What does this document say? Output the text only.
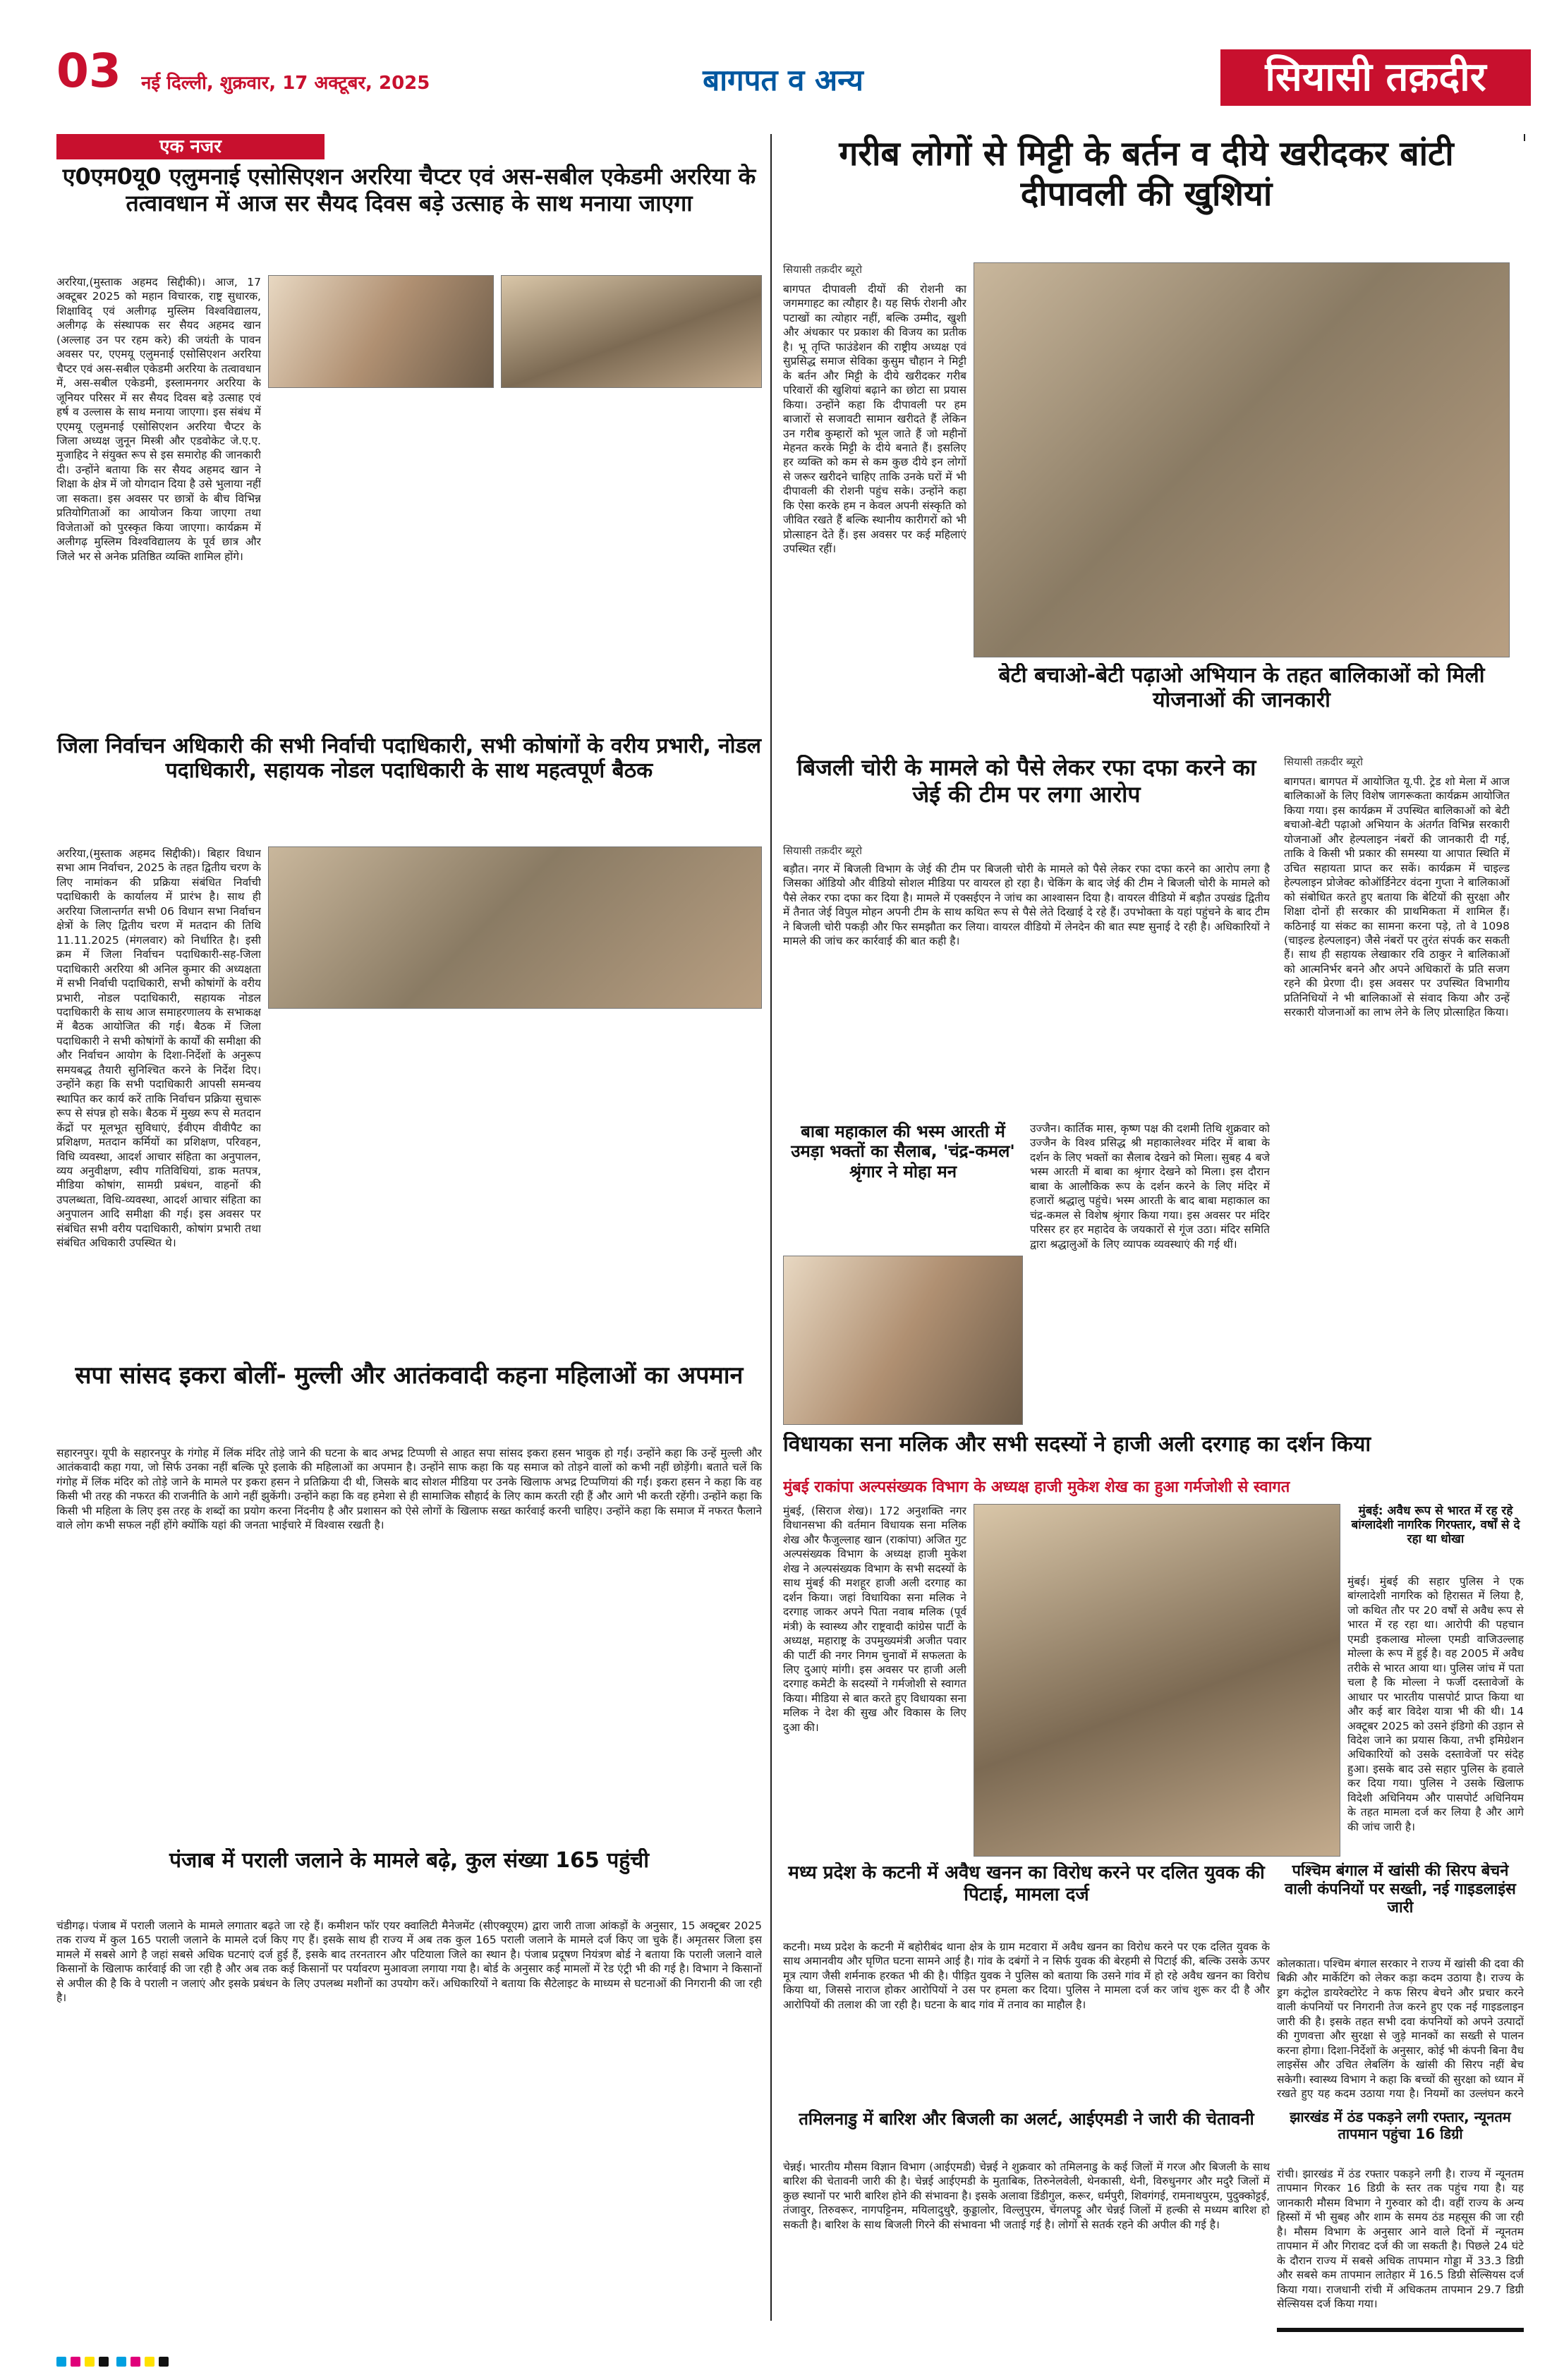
03	नई दिल्ली, शुक्रवार, 17 अक्टूबर, 2025	बागपत व अन्य	सियासी तक़दीर
एक नजर
ए0एम0यू0 एलुमनाई एसोसिएशन अररिया चैप्टर एवं अस-सबील एकेडमी अररिया के तत्वावधान में आज सर सैयद दिवस बड़े उत्साह के साथ मनाया जाएगा
अररिया,(मुस्ताक अहमद सिद्दीकी)। आज, 17 अक्टूबर 2025 को महान विचारक, राष्ट्र सुधारक, शिक्षाविद् एवं अलीगढ़ मुस्लिम विश्वविद्यालय, अलीगढ़ के संस्थापक सर सैयद अहमद खान (अल्लाह उन पर रहम करे) की जयंती के पावन अवसर पर, एएमयू एलुमनाई एसोसिएशन अररिया चैप्टर एवं अस-सबील एकेडमी अररिया के तत्वावधान में, अस-सबील एकेडमी, इस्लामनगर अररिया के जूनियर परिसर में सर सैयद दिवस बड़े उत्साह एवं हर्ष व उल्लास के साथ मनाया जाएगा। इस संबंध में एएमयू एलुमनाई एसोसिएशन अररिया चैप्टर के जिला अध्यक्ष जुनून मिस्त्री और एडवोकेट जे.ए.ए. मुजाहिद ने संयुक्त रूप से इस समारोह की जानकारी दी। उन्होंने बताया कि सर सैयद अहमद खान ने शिक्षा के क्षेत्र में जो योगदान दिया है उसे भुलाया नहीं जा सकता। इस अवसर पर छात्रों के बीच विभिन्न प्रतियोगिताओं का आयोजन किया जाएगा तथा विजेताओं को पुरस्कृत किया जाएगा। कार्यक्रम में अलीगढ़ मुस्लिम विश्वविद्यालय के पूर्व छात्र और जिले भर से अनेक प्रतिष्ठित व्यक्ति शामिल होंगे।
जिला निर्वाचन अधिकारी की सभी निर्वाची पदाधिकारी, सभी कोषांगों के वरीय प्रभारी, नोडल पदाधिकारी, सहायक नोडल पदाधिकारी के साथ महत्वपूर्ण बैठक
अररिया,(मुस्ताक अहमद सिद्दीकी)। बिहार विधान सभा आम निर्वाचन, 2025 के तहत द्वितीय चरण के लिए नामांकन की प्रक्रिया संबंधित निर्वाची पदाधिकारी के कार्यालय में प्रारंभ है। साथ ही अररिया जिलान्तर्गत सभी 06 विधान सभा निर्वाचन क्षेत्रों के लिए द्वितीय चरण में मतदान की तिथि 11.11.2025 (मंगलवार) को निर्धारित है। इसी क्रम में जिला निर्वाचन पदाधिकारी-सह-जिला पदाधिकारी अररिया श्री अनिल कुमार की अध्यक्षता में सभी निर्वाची पदाधिकारी, सभी कोषांगों के वरीय प्रभारी, नोडल पदाधिकारी, सहायक नोडल पदाधिकारी के साथ आज समाहरणालय के सभाकक्ष में बैठक आयोजित की गई। बैठक में जिला पदाधिकारी ने सभी कोषांगों के कार्यों की समीक्षा की और निर्वाचन आयोग के दिशा-निर्देशों के अनुरूप समयबद्ध तैयारी सुनिश्चित करने के निर्देश दिए। उन्होंने कहा कि सभी पदाधिकारी आपसी समन्वय स्थापित कर कार्य करें ताकि निर्वाचन प्रक्रिया सुचारू रूप से संपन्न हो सके। बैठक में मुख्य रूप से मतदान केंद्रों पर मूलभूत सुविधाएं, ईवीएम वीवीपैट का प्रशिक्षण, मतदान कर्मियों का प्रशिक्षण, परिवहन, विधि व्यवस्था, आदर्श आचार संहिता का अनुपालन, व्यय अनुवीक्षण, स्वीप गतिविधियां, डाक मतपत्र, मीडिया कोषांग, सामग्री प्रबंधन, वाहनों की उपलब्धता, विधि-व्यवस्था, आदर्श आचार संहिता का अनुपालन आदि समीक्षा की गई। इस अवसर पर संबंधित सभी वरीय पदाधिकारी, कोषांग प्रभारी तथा संबंधित अधिकारी उपस्थित थे।
सपा सांसद इकरा बोलीं- मुल्ली और आतंकवादी कहना महिलाओं का अपमान
सहारनपुर। यूपी के सहारनपुर के गंगोह में लिंक मंदिर तोड़े जाने की घटना के बाद अभद्र टिप्पणी से आहत सपा सांसद इकरा हसन भावुक हो गईं। उन्होंने कहा कि उन्हें मुल्ली और आतंकवादी कहा गया, जो सिर्फ उनका नहीं बल्कि पूरे इलाके की महिलाओं का अपमान है। उन्होंने साफ कहा कि यह समाज को तोड़ने वालों को कभी नहीं छोड़ेंगी। बताते चलें कि गंगोह में लिंक मंदिर को तोड़े जाने के मामले पर इकरा हसन ने प्रतिक्रिया दी थी, जिसके बाद सोशल मीडिया पर उनके खिलाफ अभद्र टिप्पणियां की गईं। इकरा हसन ने कहा कि वह किसी भी तरह की नफरत की राजनीति के आगे नहीं झुकेंगी। उन्होंने कहा कि वह हमेशा से ही सामाजिक सौहार्द के लिए काम करती रही हैं और आगे भी करती रहेंगी। उन्होंने कहा कि किसी भी महिला के लिए इस तरह के शब्दों का प्रयोग करना निंदनीय है और प्रशासन को ऐसे लोगों के खिलाफ सख्त कार्रवाई करनी चाहिए। उन्होंने कहा कि समाज में नफरत फैलाने वाले लोग कभी सफल नहीं होंगे क्योंकि यहां की जनता भाईचारे में विश्वास रखती है।
पंजाब में पराली जलाने के मामले बढ़े, कुल संख्या 165 पहुंची
चंडीगढ़। पंजाब में पराली जलाने के मामले लगातार बढ़ते जा रहे हैं। कमीशन फॉर एयर क्वालिटी मैनेजमेंट (सीएक्यूएम) द्वारा जारी ताजा आंकड़ों के अनुसार, 15 अक्टूबर 2025 तक राज्य में कुल 165 पराली जलाने के मामले दर्ज किए गए हैं। इसके साथ ही राज्य में अब तक कुल 165 पराली जलाने के मामले दर्ज किए जा चुके हैं। अमृतसर जिला इस मामले में सबसे आगे है जहां सबसे अधिक घटनाएं दर्ज हुई हैं, इसके बाद तरनतारन और पटियाला जिले का स्थान है। पंजाब प्रदूषण नियंत्रण बोर्ड ने बताया कि पराली जलाने वाले किसानों के खिलाफ कार्रवाई की जा रही है और अब तक कई किसानों पर पर्यावरण मुआवजा लगाया गया है। बोर्ड के अनुसार कई मामलों में रेड एंट्री भी की गई है। विभाग ने किसानों से अपील की है कि वे पराली न जलाएं और इसके प्रबंधन के लिए उपलब्ध मशीनों का उपयोग करें। अधिकारियों ने बताया कि सैटेलाइट के माध्यम से घटनाओं की निगरानी की जा रही है।
गरीब लोगों से मिट्टी के बर्तन व दीये खरीदकर बांटी दीपावली की खुशियां
सियासी तक़दीर ब्यूरो
बागपत दीपावली दीयों की रोशनी का जगमगाहट का त्यौहार है। यह सिर्फ रोशनी और पटाखों का त्योहार नहीं, बल्कि उम्मीद, खुशी और अंधकार पर प्रकाश की विजय का प्रतीक है। भू तृप्ति फाउंडेशन की राष्ट्रीय अध्यक्ष एवं सुप्रसिद्ध समाज सेविका कुसुम चौहान ने मिट्टी के बर्तन और मिट्टी के दीये खरीदकर गरीब परिवारों की खुशियां बढ़ाने का छोटा सा प्रयास किया। उन्होंने कहा कि दीपावली पर हम बाजारों से सजावटी सामान खरीदते हैं लेकिन उन गरीब कुम्हारों को भूल जाते हैं जो महीनों मेहनत करके मिट्टी के दीये बनाते हैं। इसलिए हर व्यक्ति को कम से कम कुछ दीये इन लोगों से जरूर खरीदने चाहिए ताकि उनके घरों में भी दीपावली की रोशनी पहुंच सके। उन्होंने कहा कि ऐसा करके हम न केवल अपनी संस्कृति को जीवित रखते हैं बल्कि स्थानीय कारीगरों को भी प्रोत्साहन देते हैं। इस अवसर पर कई महिलाएं उपस्थित रहीं।
बेटी बचाओ-बेटी पढ़ाओ अभियान के तहत बालिकाओं को मिली योजनाओं की जानकारी
बिजली चोरी के मामले को पैसे लेकर रफा दफा करने का जेई की टीम पर लगा आरोप
सियासी तक़दीर ब्यूरो
बड़ौत। नगर में बिजली विभाग के जेई की टीम पर बिजली चोरी के मामले को पैसे लेकर रफा दफा करने का आरोप लगा है जिसका ऑडियो और वीडियो सोशल मीडिया पर वायरल हो रहा है। चेकिंग के बाद जेई की टीम ने बिजली चोरी के मामले को पैसे लेकर रफा दफा कर दिया है। मामले में एक्सईएन ने जांच का आश्वासन दिया है। वायरल वीडियो में बड़ौत उपखंड द्वितीय में तैनात जेई विपुल मोहन अपनी टीम के साथ कथित रूप से पैसे लेते दिखाई दे रहे हैं। उपभोक्ता के यहां पहुंचने के बाद टीम ने बिजली चोरी पकड़ी और फिर समझौता कर लिया। वायरल वीडियो में लेनदेन की बात स्पष्ट सुनाई दे रही है। अधिकारियों ने मामले की जांच कर कार्रवाई की बात कही है।
बाबा महाकाल की भस्म आरती में उमड़ा भक्तों का सैलाब, 'चंद्र-कमल' श्रृंगार ने मोहा मन
उज्जैन। कार्तिक मास, कृष्ण पक्ष की दशमी तिथि शुक्रवार को उज्जैन के विश्व प्रसिद्ध श्री महाकालेश्वर मंदिर में बाबा के दर्शन के लिए भक्तों का सैलाब देखने को मिला। सुबह 4 बजे भस्म आरती में बाबा का श्रृंगार देखने को मिला। इस दौरान बाबा के आलौकिक रूप के दर्शन करने के लिए मंदिर में हजारों श्रद्धालु पहुंचे। भस्म आरती के बाद बाबा महाकाल का चंद्र-कमल से विशेष श्रृंगार किया गया। इस अवसर पर मंदिर परिसर हर हर महादेव के जयकारों से गूंज उठा। मंदिर समिति द्वारा श्रद्धालुओं के लिए व्यापक व्यवस्थाएं की गई थीं।
सियासी तक़दीर ब्यूरो
बागपत। बागपत में आयोजित यू.पी. ट्रेड शो मेला में आज बालिकाओं के लिए विशेष जागरूकता कार्यक्रम आयोजित किया गया। इस कार्यक्रम में उपस्थित बालिकाओं को बेटी बचाओ-बेटी पढ़ाओ अभियान के अंतर्गत विभिन्न सरकारी योजनाओं और हेल्पलाइन नंबरों की जानकारी दी गई, ताकि वे किसी भी प्रकार की समस्या या आपात स्थिति में उचित सहायता प्राप्त कर सकें। कार्यक्रम में चाइल्ड हेल्पलाइन प्रोजेक्ट कोऑर्डिनेटर वंदना गुप्ता ने बालिकाओं को संबोधित करते हुए बताया कि बेटियों की सुरक्षा और शिक्षा दोनों ही सरकार की प्राथमिकता में शामिल हैं। कठिनाई या संकट का सामना करना पड़े, तो वे 1098 (चाइल्ड हेल्पलाइन) जैसे नंबरों पर तुरंत संपर्क कर सकती हैं। साथ ही सहायक लेखाकार रवि ठाकुर ने बालिकाओं को आत्मनिर्भर बनने और अपने अधिकारों के प्रति सजग रहने की प्रेरणा दी। इस अवसर पर उपस्थित विभागीय प्रतिनिधियों ने भी बालिकाओं से संवाद किया और उन्हें सरकारी योजनाओं का लाभ लेने के लिए प्रोत्साहित किया।
मध्य प्रदेश के कटनी में अवैध खनन का विरोध करने पर दलित युवक की पिटाई, मामला दर्ज
कटनी। मध्य प्रदेश के कटनी में बहोरीबंद थाना क्षेत्र के ग्राम मटवारा में अवैध खनन का विरोध करने पर एक दलित युवक के साथ अमानवीय और घृणित घटना सामने आई है। गांव के दबंगों ने न सिर्फ युवक की बेरहमी से पिटाई की, बल्कि उसके ऊपर मूत्र त्याग जैसी शर्मनाक हरकत भी की है। पीड़ित युवक ने पुलिस को बताया कि उसने गांव में हो रहे अवैध खनन का विरोध किया था, जिससे नाराज होकर आरोपियों ने उस पर हमला कर दिया। पुलिस ने मामला दर्ज कर जांच शुरू कर दी है और आरोपियों की तलाश की जा रही है। घटना के बाद गांव में तनाव का माहौल है।
विधायका सना मलिक और सभी सदस्यों ने हाजी अली दरगाह का दर्शन किया
मुंबई राकांपा अल्पसंख्यक विभाग के अध्यक्ष हाजी मुकेश शेख का हुआ गर्मजोशी से स्वागत
मुंबई, (सिराज शेख)। 172 अनुशक्ति नगर विधानसभा की वर्तमान विधायक सना मलिक शेख और फैजुल्लाह खान (राकांपा) अजित गुट अल्पसंख्यक विभाग के अध्यक्ष हाजी मुकेश शेख ने अल्पसंख्यक विभाग के सभी सदस्यों के साथ मुंबई की मशहूर हाजी अली दरगाह का दर्शन किया। जहां विधायिका सना मलिक ने दरगाह जाकर अपने पिता नवाब मलिक (पूर्व मंत्री) के स्वास्थ्य और राष्ट्रवादी कांग्रेस पार्टी के अध्यक्ष, महाराष्ट्र के उपमुख्यमंत्री अजीत पवार की पार्टी की नगर निगम चुनावों में सफलता के लिए दुआएं मांगी। इस अवसर पर हाजी अली दरगाह कमेटी के सदस्यों ने गर्मजोशी से स्वागत किया। मीडिया से बात करते हुए विधायका सना मलिक ने देश की सुख और विकास के लिए दुआ की।
मुंबई। मुंबई की सहार पुलिस ने एक बांग्लादेशी नागरिक को हिरासत में लिया है, जो कथित तौर पर 20 वर्षों से अवैध रूप से भारत में रह रहा था। आरोपी की पहचान एमडी इकलाख मोल्ला एमडी वाजिउल्लाह मोल्ला के रूप में हुई है। वह 2005 में अवैध तरीके से भारत आया था। पुलिस जांच में पता चला है कि मोल्ला ने फर्जी दस्तावेजों के आधार पर भारतीय पासपोर्ट प्राप्त किया था और कई बार विदेश यात्रा भी की थी। 14 अक्टूबर 2025 को उसने इंडिगो की उड़ान से विदेश जाने का प्रयास किया, तभी इमिग्रेशन अधिकारियों को उसके दस्तावेजों पर संदेह हुआ। इसके बाद उसे सहार पुलिस के हवाले कर दिया गया। पुलिस ने उसके खिलाफ विदेशी अधिनियम और पासपोर्ट अधिनियम के तहत मामला दर्ज कर लिया है और आगे की जांच जारी है।
मुंबई: अवैध रूप से भारत में रह रहे बांग्लादेशी नागरिक गिरफ्तार, वर्षों से दे रहा था धोखा
पश्चिम बंगाल में खांसी की सिरप बेचने वाली कंपनियों पर सख्ती, नई गाइडलाइंस जारी
कोलकाता। पश्चिम बंगाल सरकार ने राज्य में खांसी की दवा की बिक्री और मार्केटिंग को लेकर कड़ा कदम उठाया है। राज्य के ड्रग कंट्रोल डायरेक्टोरेट ने कफ सिरप बेचने और प्रचार करने वाली कंपनियों पर निगरानी तेज करने हुए एक नई गाइडलाइन जारी की है। इसके तहत सभी दवा कंपनियों को अपने उत्पादों की गुणवत्ता और सुरक्षा से जुड़े मानकों का सख्ती से पालन करना होगा। दिशा-निर्देशों के अनुसार, कोई भी कंपनी बिना वैध लाइसेंस और उचित लेबलिंग के खांसी की सिरप नहीं बेच सकेगी। स्वास्थ्य विभाग ने कहा कि बच्चों की सुरक्षा को ध्यान में रखते हुए यह कदम उठाया गया है। नियमों का उल्लंघन करने
तमिलनाडु में बारिश और बिजली का अलर्ट, आईएमडी ने जारी की चेतावनी
चेन्नई। भारतीय मौसम विज्ञान विभाग (आईएमडी) चेन्नई ने शुक्रवार को तमिलनाडु के कई जिलों में गरज और बिजली के साथ बारिश की चेतावनी जारी की है। चेन्नई आईएमडी के मुताबिक, तिरुनेलवेली, थेनकासी, थेनी, विरुधुनगर और मदुरै जिलों में कुछ स्थानों पर भारी बारिश होने की संभावना है। इसके अलावा डिंडीगुल, करूर, धर्मपुरी, शिवगंगई, रामनाथपुरम, पुदुक्कोट्टई, तंजावुर, तिरुवरूर, नागपट्टिनम, मयिलादुथुरै, कुड्डालोर, विल्लुपुरम, चेंगलपट्टू और चेन्नई जिलों में हल्की से मध्यम बारिश हो सकती है। बारिश के साथ बिजली गिरने की संभावना भी जताई गई है। लोगों से सतर्क रहने की अपील की गई है।
झारखंड में ठंड पकड़ने लगी रफ्तार, न्यूनतम तापमान पहुंचा 16 डिग्री
रांची। झारखंड में ठंड रफ्तार पकड़ने लगी है। राज्य में न्यूनतम तापमान गिरकर 16 डिग्री के स्तर तक पहुंच गया है। यह जानकारी मौसम विभाग ने गुरुवार को दी। वहीं राज्य के अन्य हिस्सों में भी सुबह और शाम के समय ठंड महसूस की जा रही है। मौसम विभाग के अनुसार आने वाले दिनों में न्यूनतम तापमान में और गिरावट दर्ज की जा सकती है। पिछले 24 घंटे के दौरान राज्य में सबसे अधिक तापमान गोड्डा में 33.3 डिग्री और सबसे कम तापमान लातेहार में 16.5 डिग्री सेल्सियस दर्ज किया गया। राजधानी रांची में अधिकतम तापमान 29.7 डिग्री सेल्सियस दर्ज किया गया।
